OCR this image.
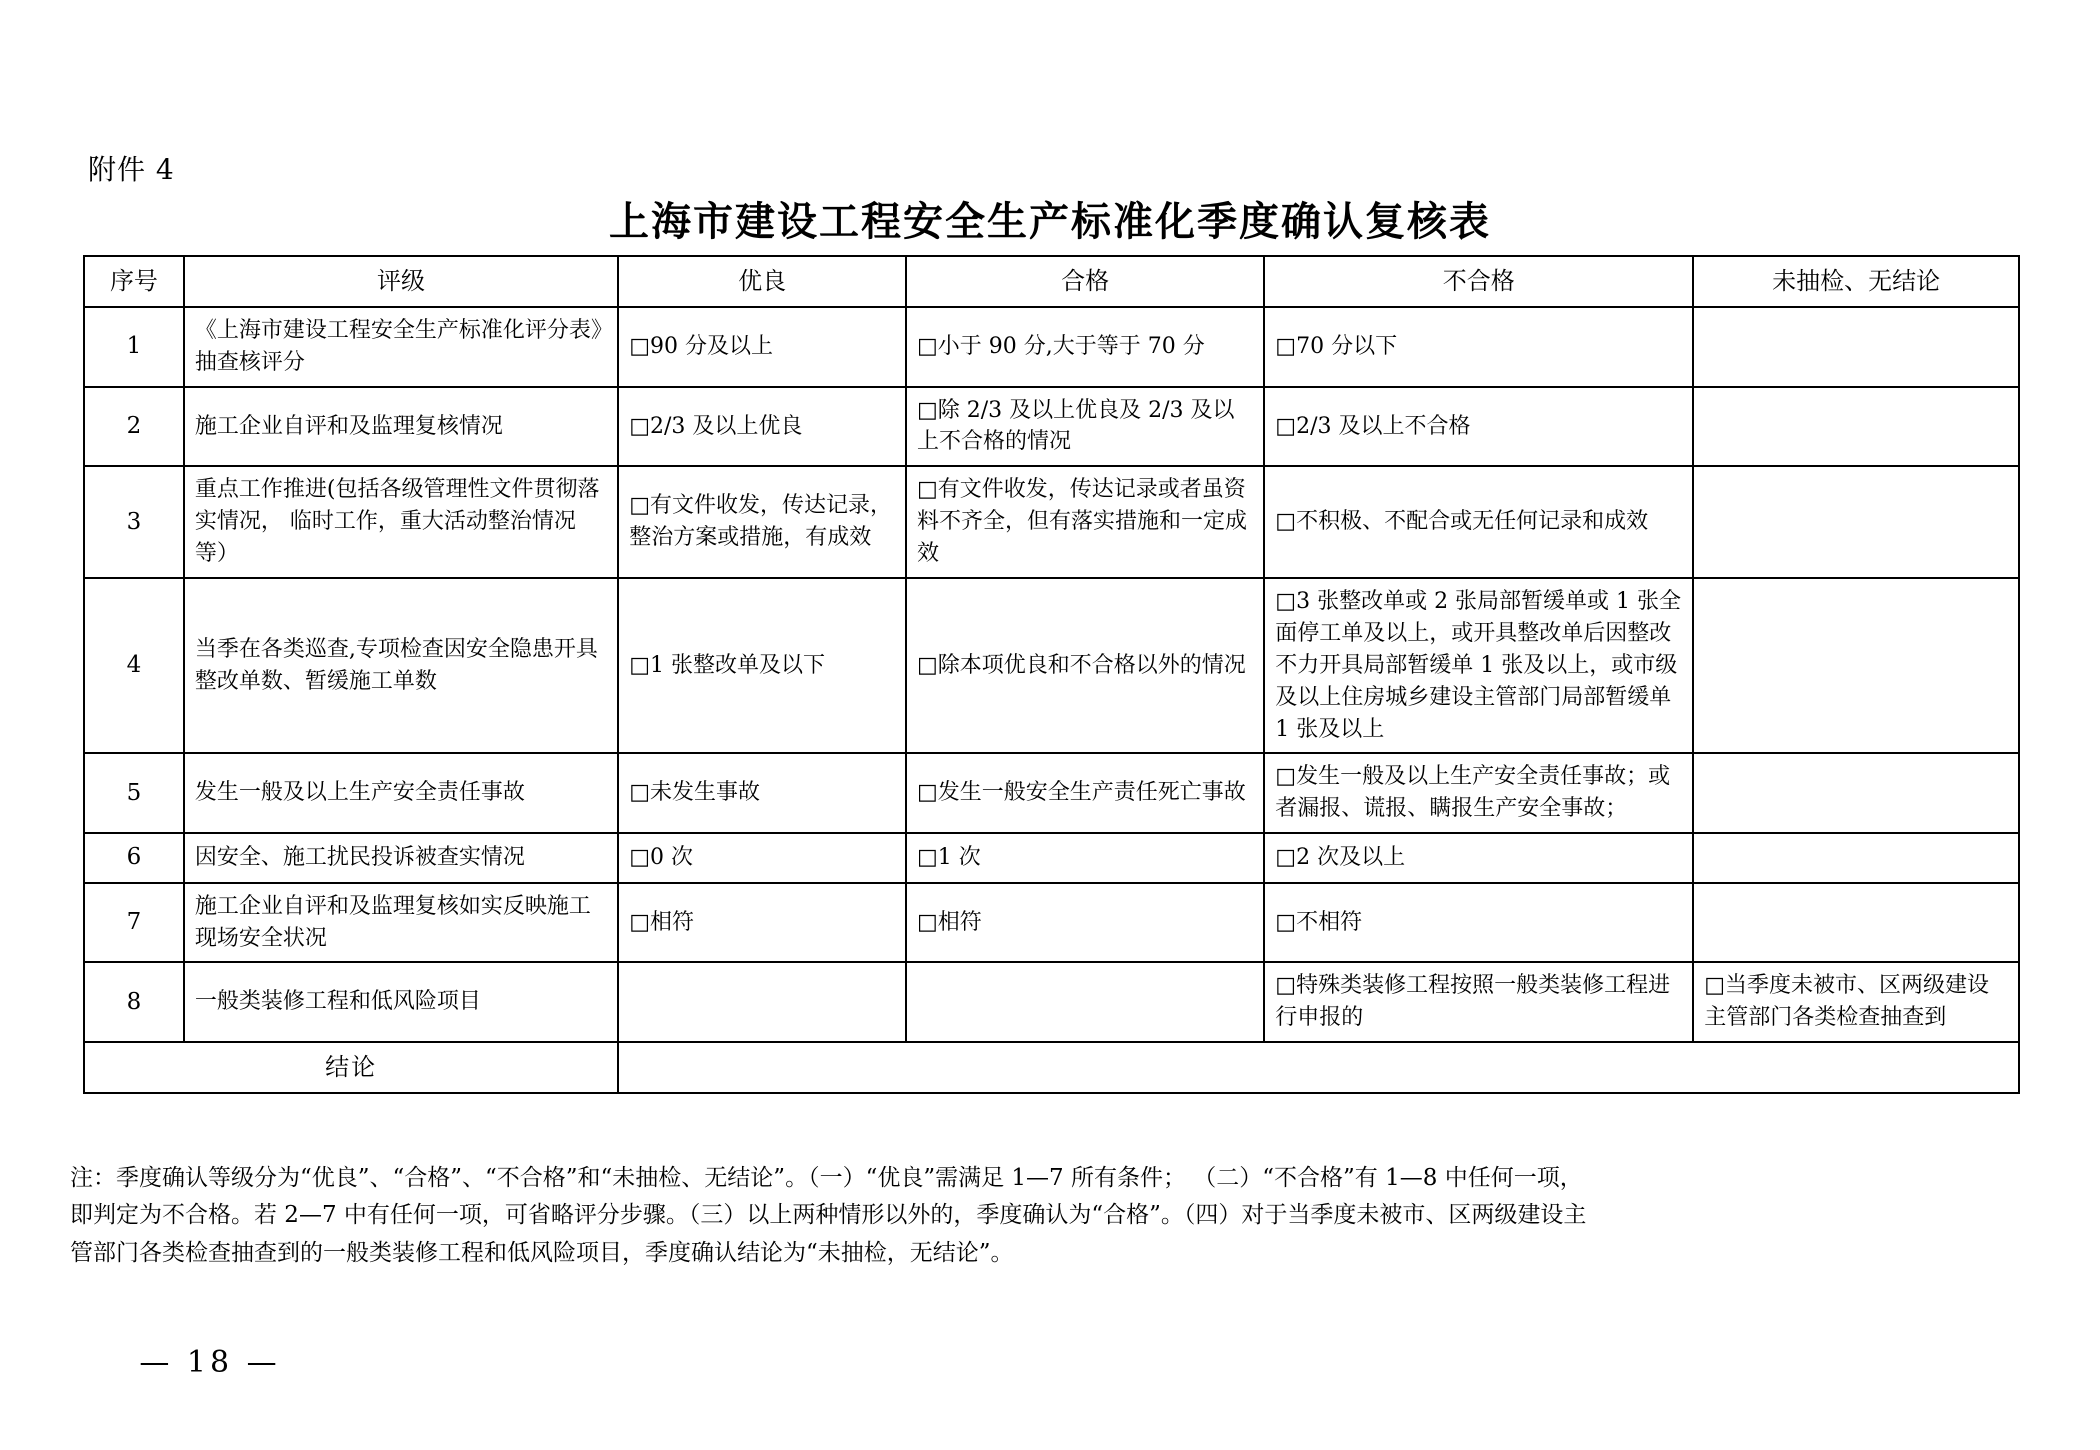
附件 4
上海市建设工程安全生产标准化季度确认复核表
序号	评级	优良	合格	不合格	未抽检、无结论
1	《上海市建设工程安全生产标准化评分表》抽查核评分	□90 分及以上	□小于 90 分,大于等于 70 分	□70 分以下	
2	施工企业自评和及监理复核情况	□2/3 及以上优良	□除 2/3 及以上优良及 2/3 及以上不合格的情况	□2/3 及以上不合格	
3	重点工作推进(包括各级管理性文件贯彻落实情况， 临时工作，重大活动整治情况等）	□有文件收发，传达记录，整治方案或措施，有成效	□有文件收发，传达记录或者虽资料不齐全，但有落实措施和一定成效	□不积极、不配合或无任何记录和成效	
4	当季在各类巡查,专项检查因安全隐患开具整改单数、暂缓施工单数	□1 张整改单及以下	□除本项优良和不合格以外的情况	□3 张整改单或 2 张局部暂缓单或 1 张全面停工单及以上，或开具整改单后因整改不力开具局部暂缓单 1 张及以上，或市级及以上住房城乡建设主管部门局部暂缓单 1 张及以上	
5	发生一般及以上生产安全责任事故	□未发生事故	□发生一般安全生产责任死亡事故	□发生一般及以上生产安全责任事故；或者漏报、谎报、瞒报生产安全事故；	
6	因安全、施工扰民投诉被查实情况	□0 次	□1 次	□2 次及以上	
7	施工企业自评和及监理复核如实反映施工现场安全状况	□相符	□相符	□不相符	
8	一般类装修工程和低风险项目			□特殊类装修工程按照一般类装修工程进行申报的	□当季度未被市、区两级建设主管部门各类检查抽查到
结论					

注：季度确认等级分为“优良”、“合格”、“不合格”和“未抽检、无结论”。（一）“优良”需满足 1—7 所有条件； （二）“不合格”有 1—8 中任何一项，

即判定为不合格。若 2—7 中有任何一项，可省略评分步骤。（三）以上两种情形以外的，季度确认为“合格”。（四）对于当季度未被市、区两级建设主

管部门各类检查抽查到的一般类装修工程和低风险项目，季度确认结论为“未抽检，无结论”。

— 18 —
